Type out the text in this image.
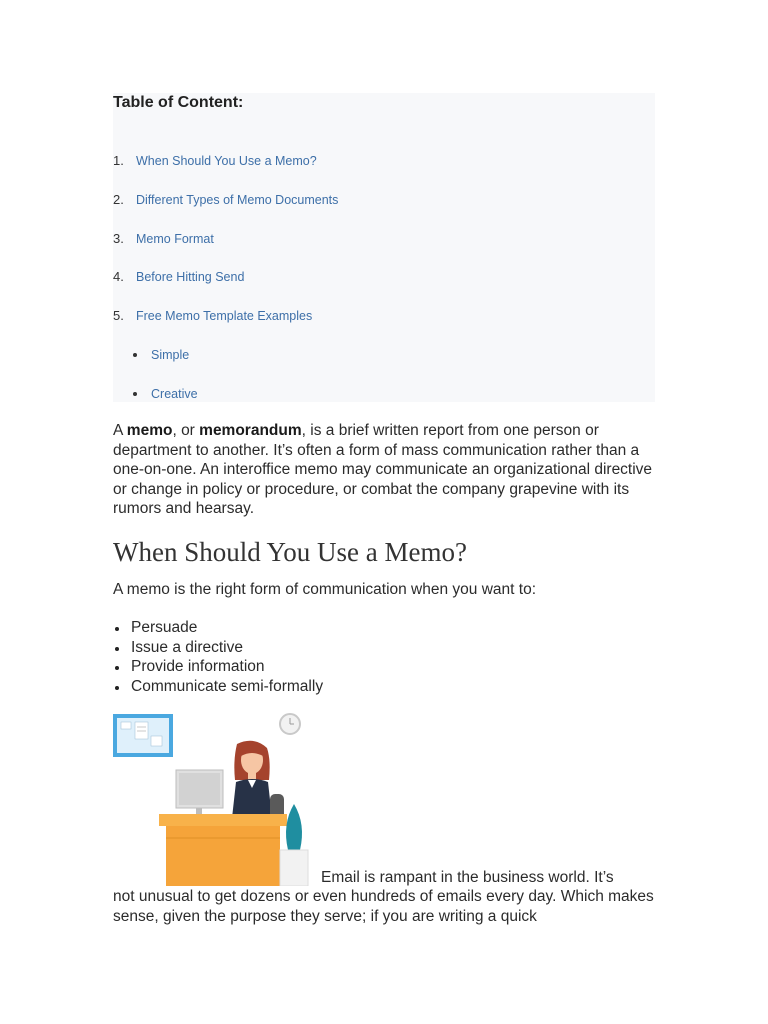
Table of Content:
1. When Should You Use a Memo?
2. Different Types of Memo Documents
3. Memo Format
4. Before Hitting Send
5. Free Memo Template Examples
Simple
Creative
A memo, or memorandum, is a brief written report from one person or department to another. It’s often a form of mass communication rather than a one-on-one. An interoffice memo may communicate an organizational directive or change in policy or procedure, or combat the company grapevine with its rumors and hearsay.
When Should You Use a Memo?
A memo is the right form of communication when you want to:
Persuade
Issue a directive
Provide information
Communicate semi-formally
Email is rampant in the business world. It’s
not unusual to get dozens or even hundreds of emails every day. Which makes sense, given the purpose they serve; if you are writing a quick
